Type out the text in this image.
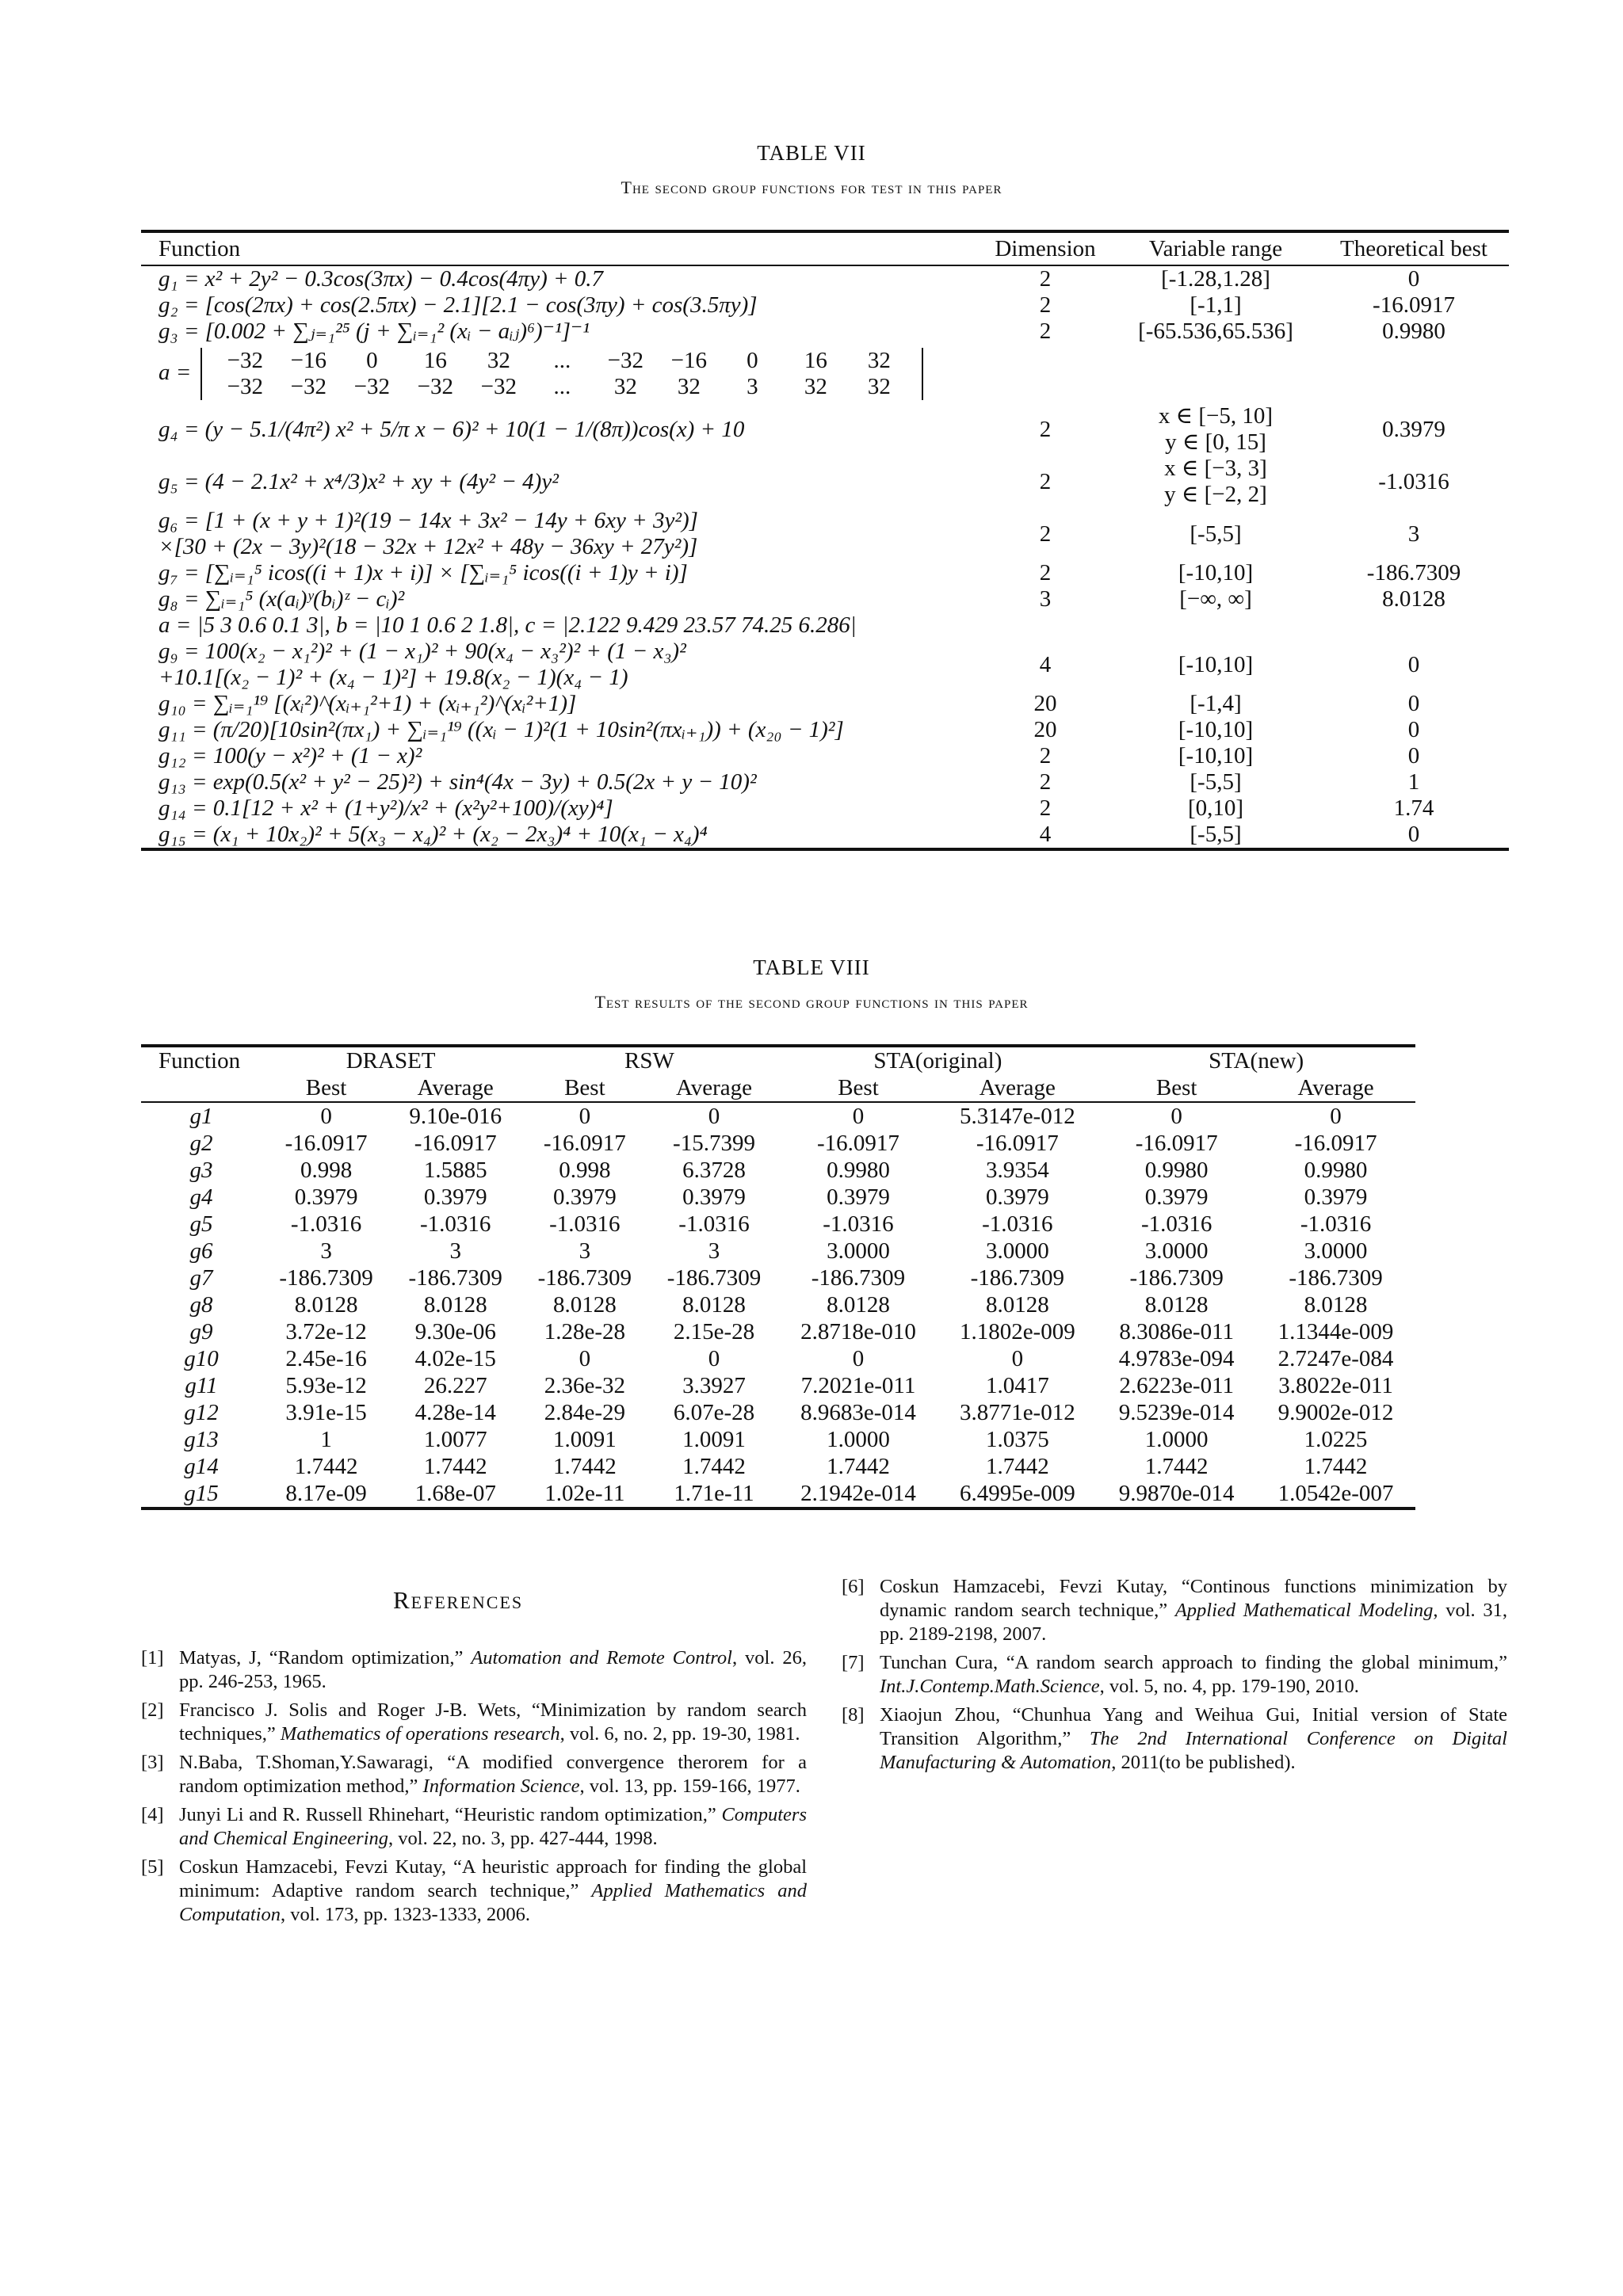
TABLE VII
The second group functions for test in this paper
Function	Dimension	Variable range	Theoretical best
g₁ = x² + 2y² − 0.3cos(3πx) − 0.4cos(4πy) + 0.7	2	[-1.28,1.28]	0
g₂ = [cos(2πx) + cos(2.5πx) − 2.1][2.1 − cos(3πy) + cos(3.5πy)]	2	[-1,1]	-16.0917
g₃ = [0.002 + ∑ⱼ₌₁²⁵ (j + ∑ᵢ₌₁² (xᵢ − aᵢⱼ)⁶)⁻¹]⁻¹	2	[-65.536,65.536]	0.9980
a = −32 −16 0 16 32 ... −32 −16 0 16 32
−32 −32 −32 −32 −32 ... 32 32 3 32 32			
g₄ = (y − 5.1/(4π²) x² + 5/π x − 6)² + 10(1 − 1/(8π))cos(x) + 10	2	x ∈ [−5, 10]
y ∈ [0, 15]	0.3979
g₅ = (4 − 2.1x² + x⁴/3)x² + xy + (4y² − 4)y²	2	x ∈ [−3, 3]
y ∈ [−2, 2]	-1.0316
g₆ = [1 + (x + y + 1)²(19 − 14x + 3x² − 14y + 6xy + 3y²)]
×[30 + (2x − 3y)²(18 − 32x + 12x² + 48y − 36xy + 27y²)]	2	[-5,5]	3
g₇ = [∑ᵢ₌₁⁵ icos((i + 1)x + i)] × [∑ᵢ₌₁⁵ icos((i + 1)y + i)]	2	[-10,10]	-186.7309
g₈ = ∑ᵢ₌₁⁵ (x(aᵢ)ʸ(bᵢ)ᶻ − cᵢ)²	3	[−∞, ∞]	8.0128
a = |5 3 0.6 0.1 3|, b = |10 1 0.6 2 1.8|, c = |2.122 9.429 23.57 74.25 6.286|			
g₉ = 100(x₂ − x₁²)² + (1 − x₁)² + 90(x₄ − x₃²)² + (1 − x₃)²
+10.1[(x₂ − 1)² + (x₄ − 1)²] + 19.8(x₂ − 1)(x₄ − 1)	4	[-10,10]	0
g₁₀ = ∑ᵢ₌₁¹⁹ [(xᵢ²)^(xᵢ₊₁²+1) + (xᵢ₊₁²)^(xᵢ²+1)]	20	[-1,4]	0
g₁₁ = (π/20)[10sin²(πx₁) + ∑ᵢ₌₁¹⁹ ((xᵢ − 1)²(1 + 10sin²(πxᵢ₊₁)) + (x₂₀ − 1)²]	20	[-10,10]	0
g₁₂ = 100(y − x²)² + (1 − x)²	2	[-10,10]	0
g₁₃ = exp(0.5(x² + y² − 25)²) + sin⁴(4x − 3y) + 0.5(2x + y − 10)²	2	[-5,5]	1
g₁₄ = 0.1[12 + x² + (1+y²)/x² + (x²y²+100)/(xy)⁴]	2	[0,10]	1.74
g₁₅ = (x₁ + 10x₂)² + 5(x₃ − x₄)² + (x₂ − 2x₃)⁴ + 10(x₁ − x₄)⁴	4	[-5,5]	0
TABLE VIII
Test results of the second group functions in this paper
Function	DRASET		RSW		STA(original)		STA(new)	
	Best	Average	Best	Average	Best	Average	Best	Average
g1	0	9.10e-016	0	0	0	5.3147e-012	0	0
g2	-16.0917	-16.0917	-16.0917	-15.7399	-16.0917	-16.0917	-16.0917	-16.0917
g3	0.998	1.5885	0.998	6.3728	0.9980	3.9354	0.9980	0.9980
g4	0.3979	0.3979	0.3979	0.3979	0.3979	0.3979	0.3979	0.3979
g5	-1.0316	-1.0316	-1.0316	-1.0316	-1.0316	-1.0316	-1.0316	-1.0316
g6	3	3	3	3	3.0000	3.0000	3.0000	3.0000
g7	-186.7309	-186.7309	-186.7309	-186.7309	-186.7309	-186.7309	-186.7309	-186.7309
g8	8.0128	8.0128	8.0128	8.0128	8.0128	8.0128	8.0128	8.0128
g9	3.72e-12	9.30e-06	1.28e-28	2.15e-28	2.8718e-010	1.1802e-009	8.3086e-011	1.1344e-009
g10	2.45e-16	4.02e-15	0	0	0	0	4.9783e-094	2.7247e-084
g11	5.93e-12	26.227	2.36e-32	3.3927	7.2021e-011	1.0417	2.6223e-011	3.8022e-011
g12	3.91e-15	4.28e-14	2.84e-29	6.07e-28	8.9683e-014	3.8771e-012	9.5239e-014	9.9002e-012
g13	1	1.0077	1.0091	1.0091	1.0000	1.0375	1.0000	1.0225
g14	1.7442	1.7442	1.7442	1.7442	1.7442	1.7442	1.7442	1.7442
g15	8.17e-09	1.68e-07	1.02e-11	1.71e-11	2.1942e-014	6.4995e-009	9.9870e-014	1.0542e-007
References
[1] Matyas, J, “Random optimization,” Automation and Remote Control, vol. 26, pp. 246-253, 1965.
[2] Francisco J. Solis and Roger J-B. Wets, “Minimization by random search techniques,” Mathematics of operations research, vol. 6, no. 2, pp. 19-30, 1981.
[3] N.Baba, T.Shoman,Y.Sawaragi, “A modified convergence therorem for a random optimization method,” Information Science, vol. 13, pp. 159-166, 1977.
[4] Junyi Li and R. Russell Rhinehart, “Heuristic random optimization,” Computers and Chemical Engineering, vol. 22, no. 3, pp. 427-444, 1998.
[5] Coskun Hamzacebi, Fevzi Kutay, “A heuristic approach for finding the global minimum: Adaptive random search technique,” Applied Mathematics and Computation, vol. 173, pp. 1323-1333, 2006.
[6] Coskun Hamzacebi, Fevzi Kutay, “Continous functions minimization by dynamic random search technique,” Applied Mathematical Modeling, vol. 31, pp. 2189-2198, 2007.
[7] Tunchan Cura, “A random search approach to finding the global minimum,” Int.J.Contemp.Math.Science, vol. 5, no. 4, pp. 179-190, 2010.
[8] Xiaojun Zhou, “Chunhua Yang and Weihua Gui, Initial version of State Transition Algorithm,” The 2nd International Conference on Digital Manufacturing & Automation, 2011(to be published).
